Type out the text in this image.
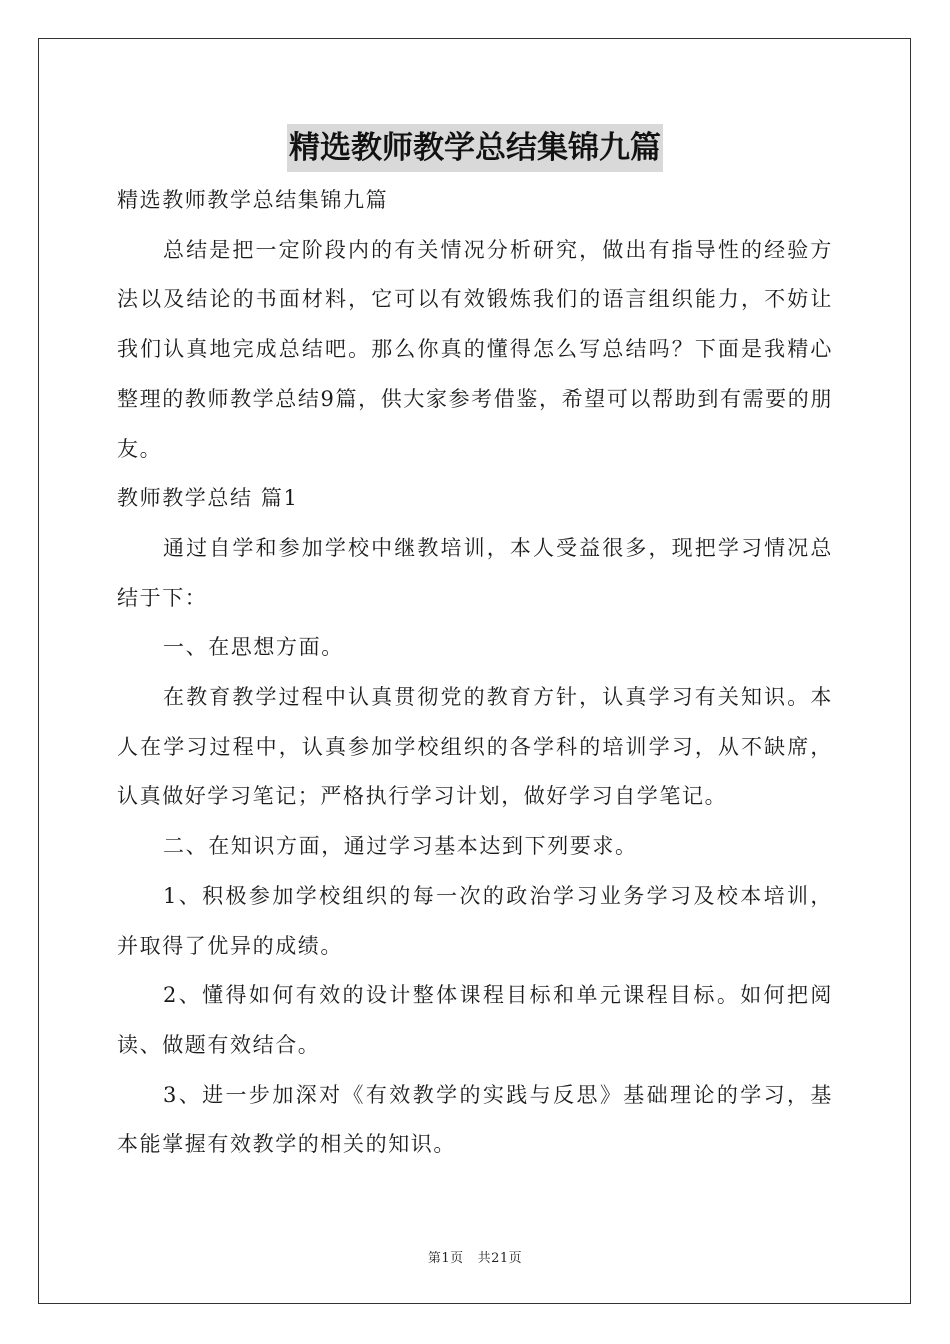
精选教师教学总结集锦九篇

精选教师教学总结集锦九篇

总结是把一定阶段内的有关情况分析研究，做出有指导性的经验方法以及结论的书面材料，它可以有效锻炼我们的语言组织能力，不妨让我们认真地完成总结吧。那么你真的懂得怎么写总结吗？下面是我精心整理的教师教学总结9篇，供大家参考借鉴，希望可以帮助到有需要的朋友。

教师教学总结 篇1

通过自学和参加学校中继教培训，本人受益很多，现把学习情况总结于下：

一、在思想方面。

在教育教学过程中认真贯彻党的教育方针，认真学习有关知识。本人在学习过程中，认真参加学校组织的各学科的培训学习，从不缺席，认真做好学习笔记；严格执行学习计划，做好学习自学笔记。

二、在知识方面，通过学习基本达到下列要求。

1、积极参加学校组织的每一次的政治学习业务学习及校本培训，并取得了优异的成绩。

2、懂得如何有效的设计整体课程目标和单元课程目标。如何把阅读、做题有效结合。

3、进一步加深对《有效教学的实践与反思》基础理论的学习，基本能掌握有效教学的相关的知识。

第1页 共21页
